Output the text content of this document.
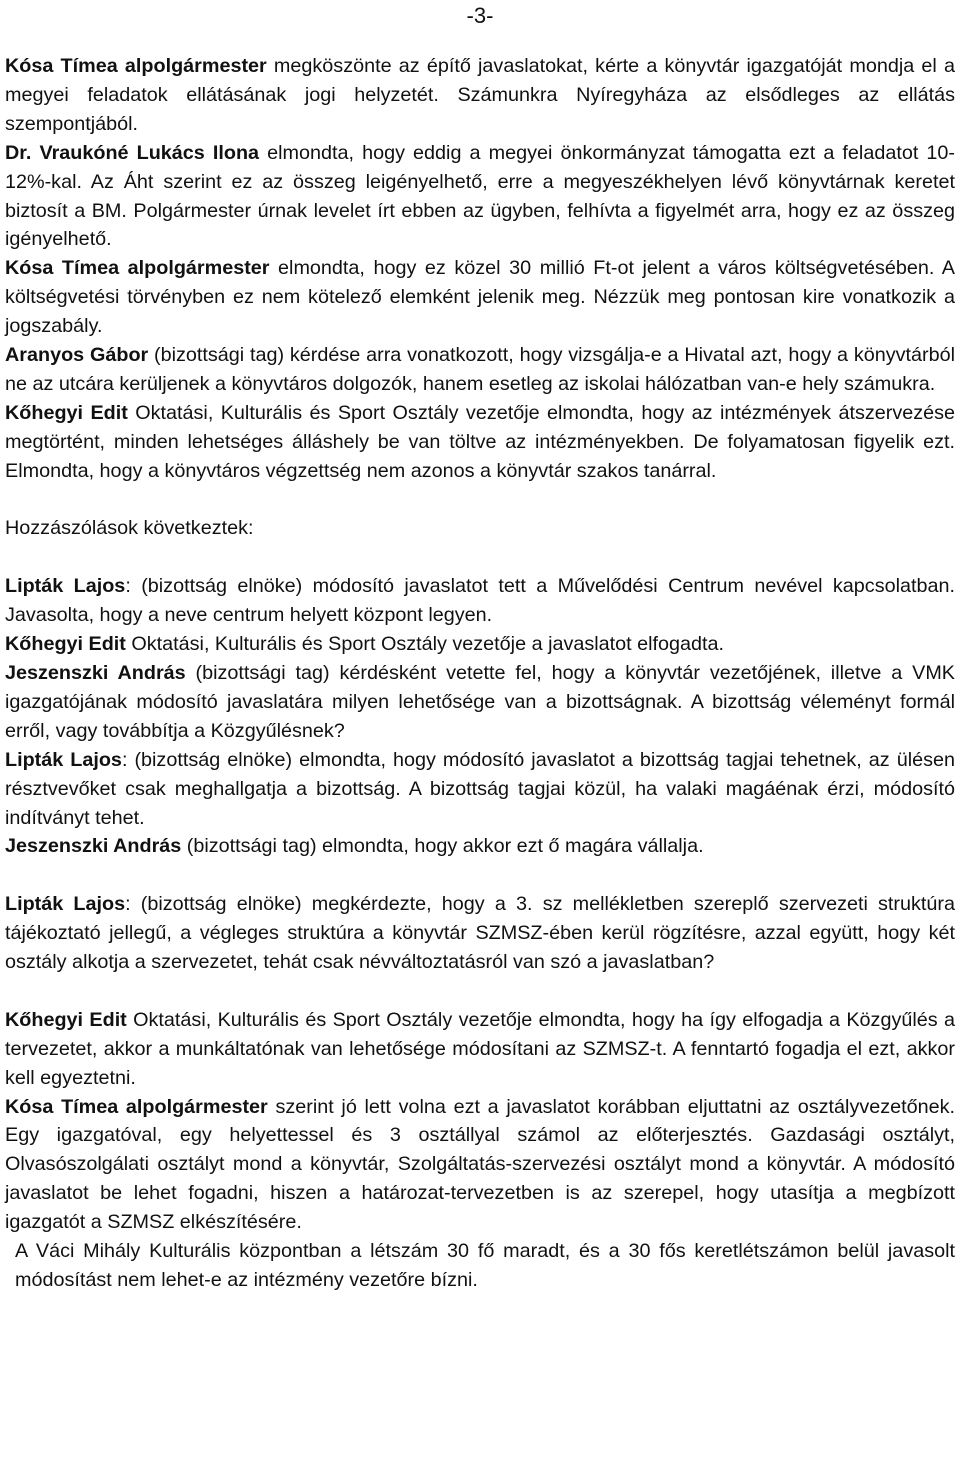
-3-

Kósa Tímea alpolgármester megköszönte az építő javaslatokat, kérte a könyvtár igazgatóját mondja el a megyei feladatok ellátásának jogi helyzetét. Számunkra Nyíregyháza az elsődleges az ellátás szempontjából.

Dr. Vraukóné Lukács Ilona elmondta, hogy eddig a megyei önkormányzat támogatta ezt a feladatot 10-12%-kal. Az Áht szerint ez az összeg leigényelhető, erre a megyeszékhelyen lévő könyvtárnak keretet biztosít a BM. Polgármester úrnak levelet írt ebben az ügyben, felhívta a figyelmét arra, hogy ez az összeg igényelhető.

Kósa Tímea alpolgármester elmondta, hogy ez közel 30 millió Ft-ot jelent a város költségvetésében. A költségvetési törvényben ez nem kötelező elemként jelenik meg. Nézzük meg pontosan kire vonatkozik a jogszabály.

Aranyos Gábor (bizottsági tag) kérdése arra vonatkozott, hogy vizsgálja-e a Hivatal azt, hogy a könyvtárból ne az utcára kerüljenek a könyvtáros dolgozók, hanem esetleg az iskolai hálózatban van-e hely számukra.

Kőhegyi Edit Oktatási, Kulturális és Sport Osztály vezetője elmondta, hogy az intézmények átszervezése megtörtént, minden lehetséges álláshely be van töltve az intézményekben. De folyamatosan figyelik ezt. Elmondta, hogy a könyvtáros végzettség nem azonos a könyvtár szakos tanárral.

Hozzászólások következtek:

Lipták Lajos: (bizottság elnöke) módosító javaslatot tett a Művelődési Centrum nevével kapcsolatban. Javasolta, hogy a neve centrum helyett központ legyen.

Kőhegyi Edit Oktatási, Kulturális és Sport Osztály vezetője a javaslatot elfogadta.

Jeszenszki András (bizottsági tag) kérdésként vetette fel, hogy a könyvtár vezetőjének, illetve a VMK igazgatójának módosító javaslatára milyen lehetősége van a bizottságnak. A bizottság véleményt formál erről, vagy továbbítja a Közgyűlésnek?

Lipták Lajos: (bizottság elnöke) elmondta, hogy módosító javaslatot a bizottság tagjai tehetnek, az ülésen résztvevőket csak meghallgatja a bizottság. A bizottság tagjai közül, ha valaki magáénak érzi, módosító indítványt tehet.

Jeszenszki András (bizottsági tag) elmondta, hogy akkor ezt ő magára vállalja.

Lipták Lajos: (bizottság elnöke) megkérdezte, hogy a 3. sz mellékletben szereplő szervezeti struktúra tájékoztató jellegű, a végleges struktúra a könyvtár SZMSZ-ében kerül rögzítésre, azzal együtt, hogy két osztály alkotja a szervezetet, tehát csak névváltoztatásról van szó a javaslatban?

Kőhegyi Edit Oktatási, Kulturális és Sport Osztály vezetője elmondta, hogy ha így elfogadja a Közgyűlés a tervezetet, akkor a munkáltatónak van lehetősége módosítani az SZMSZ-t. A fenntartó fogadja el ezt, akkor kell egyeztetni.

Kósa Tímea alpolgármester szerint jó lett volna ezt a javaslatot korábban eljuttatni az osztályvezetőnek. Egy igazgatóval, egy helyettessel és 3 osztállyal számol az előterjesztés. Gazdasági osztályt, Olvasószolgálati osztályt mond a könyvtár, Szolgáltatás-szervezési osztályt mond a könyvtár. A módosító javaslatot be lehet fogadni, hiszen a határozat-tervezetben is az szerepel, hogy utasítja a megbízott igazgatót a SZMSZ elkészítésére.

A Váci Mihály Kulturális központban a létszám 30 fő maradt, és a 30 fős keretlétszámon belül javasolt módosítást nem lehet-e az intézmény vezetőre bízni.
